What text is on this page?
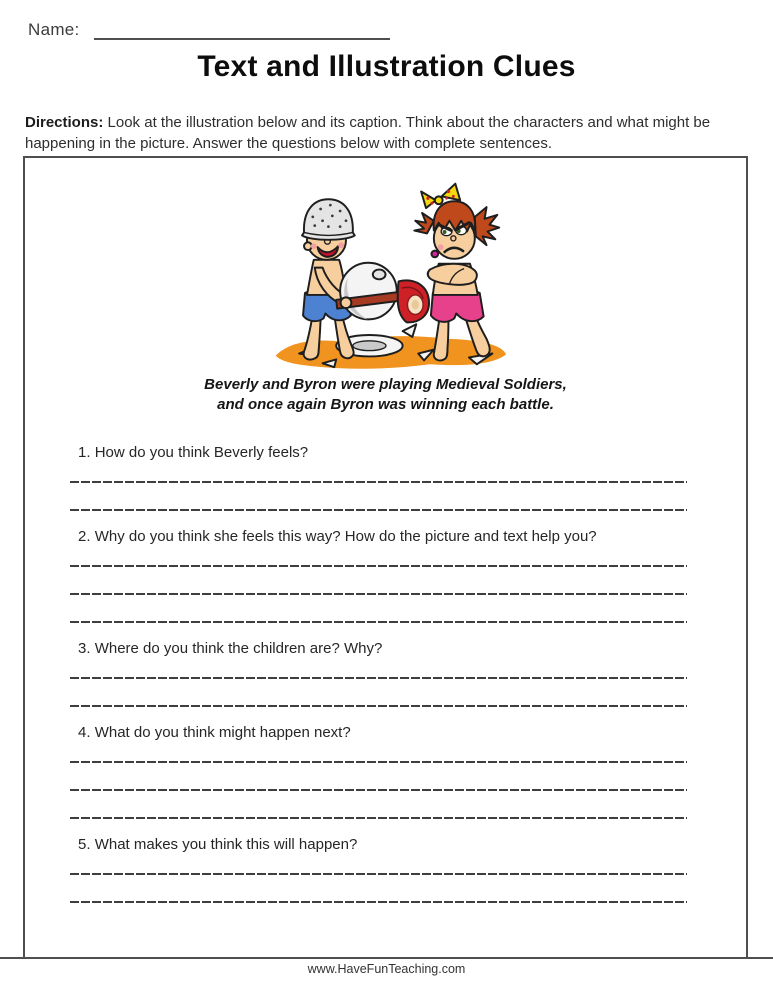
Name:
Text and Illustration Clues
Directions: Look at the illustration below and its caption. Think about the characters and what might be
happening in the picture. Answer the questions below with complete sentences.
Beverly and Byron were playing Medieval Soldiers,
and once again Byron was winning each battle.
1. How do you think Beverly feels?
2. Why do you think she feels this way? How do the picture and text help you?
3. Where do you think the children are? Why?
4. What do you think might happen next?
5. What makes you think this will happen?
www.HaveFunTeaching.com
